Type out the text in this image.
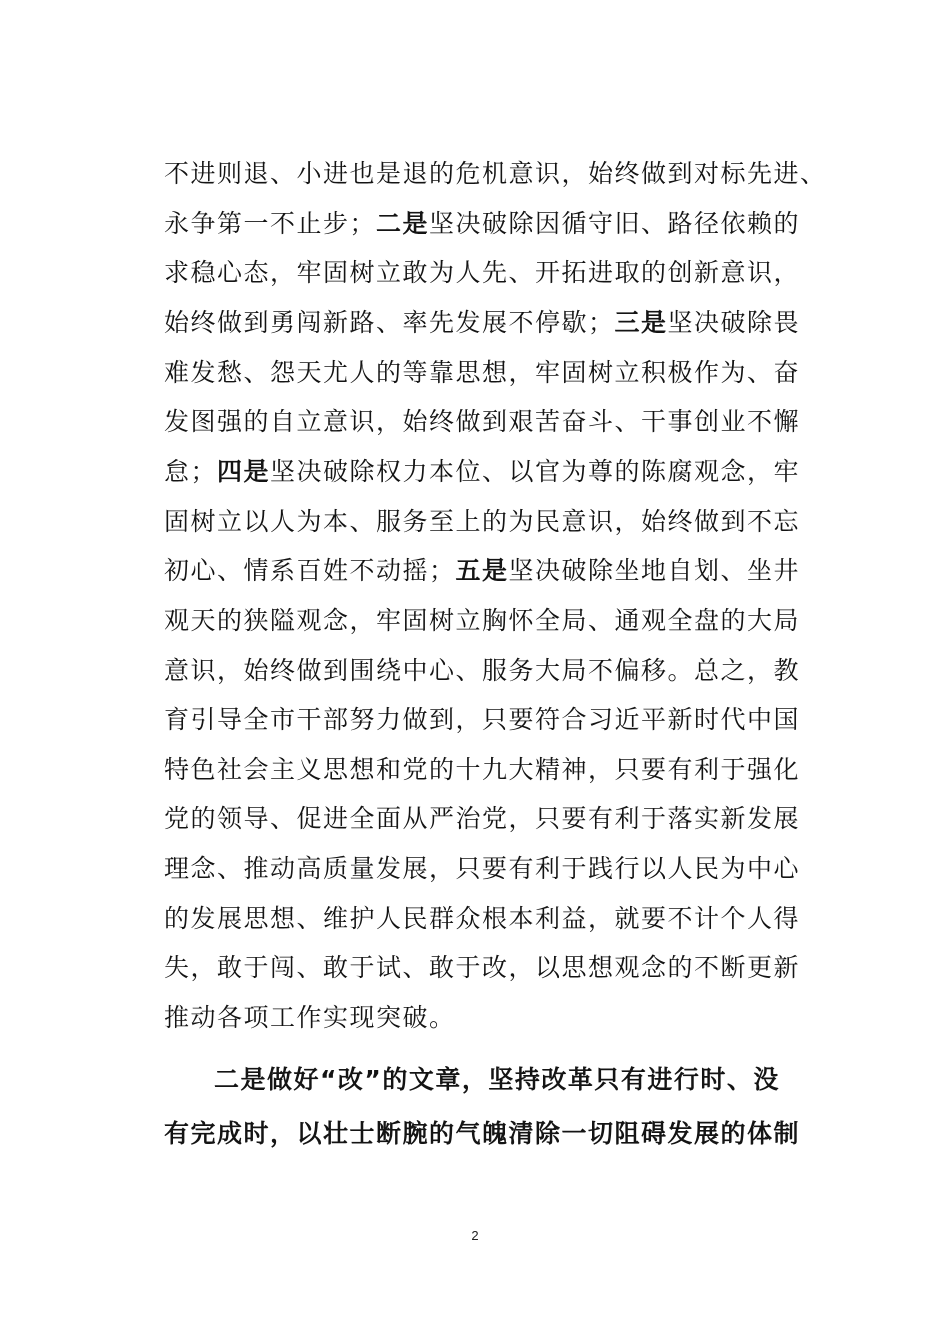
不进则退、小进也是退的危机意识，始终做到对标先进、
永争第一不止步；二是坚决破除因循守旧、路径依赖的
求稳心态，牢固树立敢为人先、开拓进取的创新意识，
始终做到勇闯新路、率先发展不停歇；三是坚决破除畏
难发愁、怨天尤人的等靠思想，牢固树立积极作为、奋
发图强的自立意识，始终做到艰苦奋斗、干事创业不懈
怠；四是坚决破除权力本位、以官为尊的陈腐观念，牢
固树立以人为本、服务至上的为民意识，始终做到不忘
初心、情系百姓不动摇；五是坚决破除坐地自划、坐井
观天的狭隘观念，牢固树立胸怀全局、通观全盘的大局
意识，始终做到围绕中心、服务大局不偏移。总之，教
育引导全市干部努力做到，只要符合习近平新时代中国
特色社会主义思想和党的十九大精神，只要有利于强化
党的领导、促进全面从严治党，只要有利于落实新发展
理念、推动高质量发展，只要有利于践行以人民为中心
的发展思想、维护人民群众根本利益，就要不计个人得
失，敢于闯、敢于试、敢于改，以思想观念的不断更新
推动各项工作实现突破。
二是做好“改”的文章，坚持改革只有进行时、没
有完成时，以壮士断腕的气魄清除一切阻碍发展的体制
2
